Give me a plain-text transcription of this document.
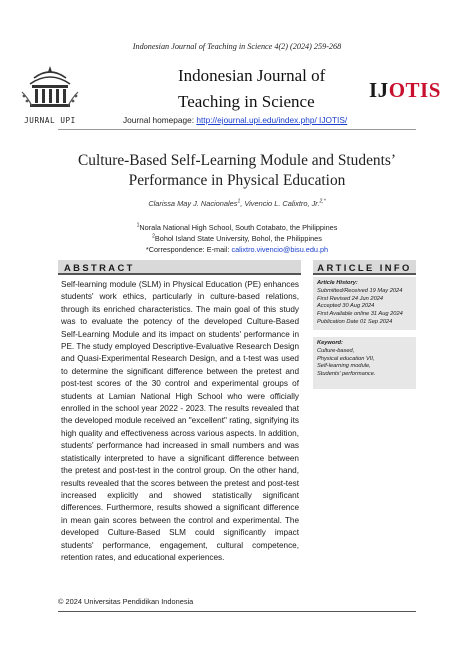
Indonesian Journal of Teaching in Science 4(2) (2024) 259-268
JURNAL UPI
Indonesian Journal of
Teaching in Science	IJOTIS
Journal homepage: http://ejournal.upi.edu/index.php/ IJOTIS/
Culture-Based Self-Learning Module and Students’
Performance in Physical Education
Clarissa May J. Nacionales$^1$, Vivencio L. Calixtro, Jr.$^{2,*}$
$^1$Norala National High School, South Cotabato, the Philippines
$^2$Bohol Island State University, Bohol, the Philippines
*Correspondence: E-mail: calixtro.vivencio@bisu.edu.ph
ABSTRACT	ARTICLE INFO
Self-learning module (SLM) in Physical Education (PE) enhances students' work ethics, particularly in culture-based relations, through its enriched characteristics. The main goal of this study was to evaluate the potency of the developed Culture-Based Self-Learning Module and its impact on students' performance in PE. The study employed Descriptive-Evaluative Research Design and Quasi-Experimental Research Design, and a t-test was used to determine the significant difference between the pretest and post-test scores of the 30 control and experimental groups of students at Lamian National High School who were officially enrolled in the school year 2022 - 2023. The results revealed that the developed module received an "excellent" rating, signifying its high quality and effectiveness across various aspects. In addition, students' performance had increased in small numbers and was statistically interpreted to have a significant difference between the pretest and post-test in the control group. On the other hand, results revealed that the scores between the pretest and post-test increased explicitly and showed statistically significant differences. Furthermore, results showed a significant difference in mean gain scores between the control and experimental. The developed Culture-Based SLM could significantly impact students' performance, engagement, cultural competence, retention rates, and educational experiences.
Article History:
Submitted/Received 19 May 2024
First Revised 24 Jun 2024
Accepted 30 Aug 2024
First Available online 31 Aug 2024
Publication Date 01 Sep 2024
Keyword:
Culture-based,
Physical education VII,
Self-learning module,
Students’ performance.
© 2024 Universitas Pendidikan Indonesia
